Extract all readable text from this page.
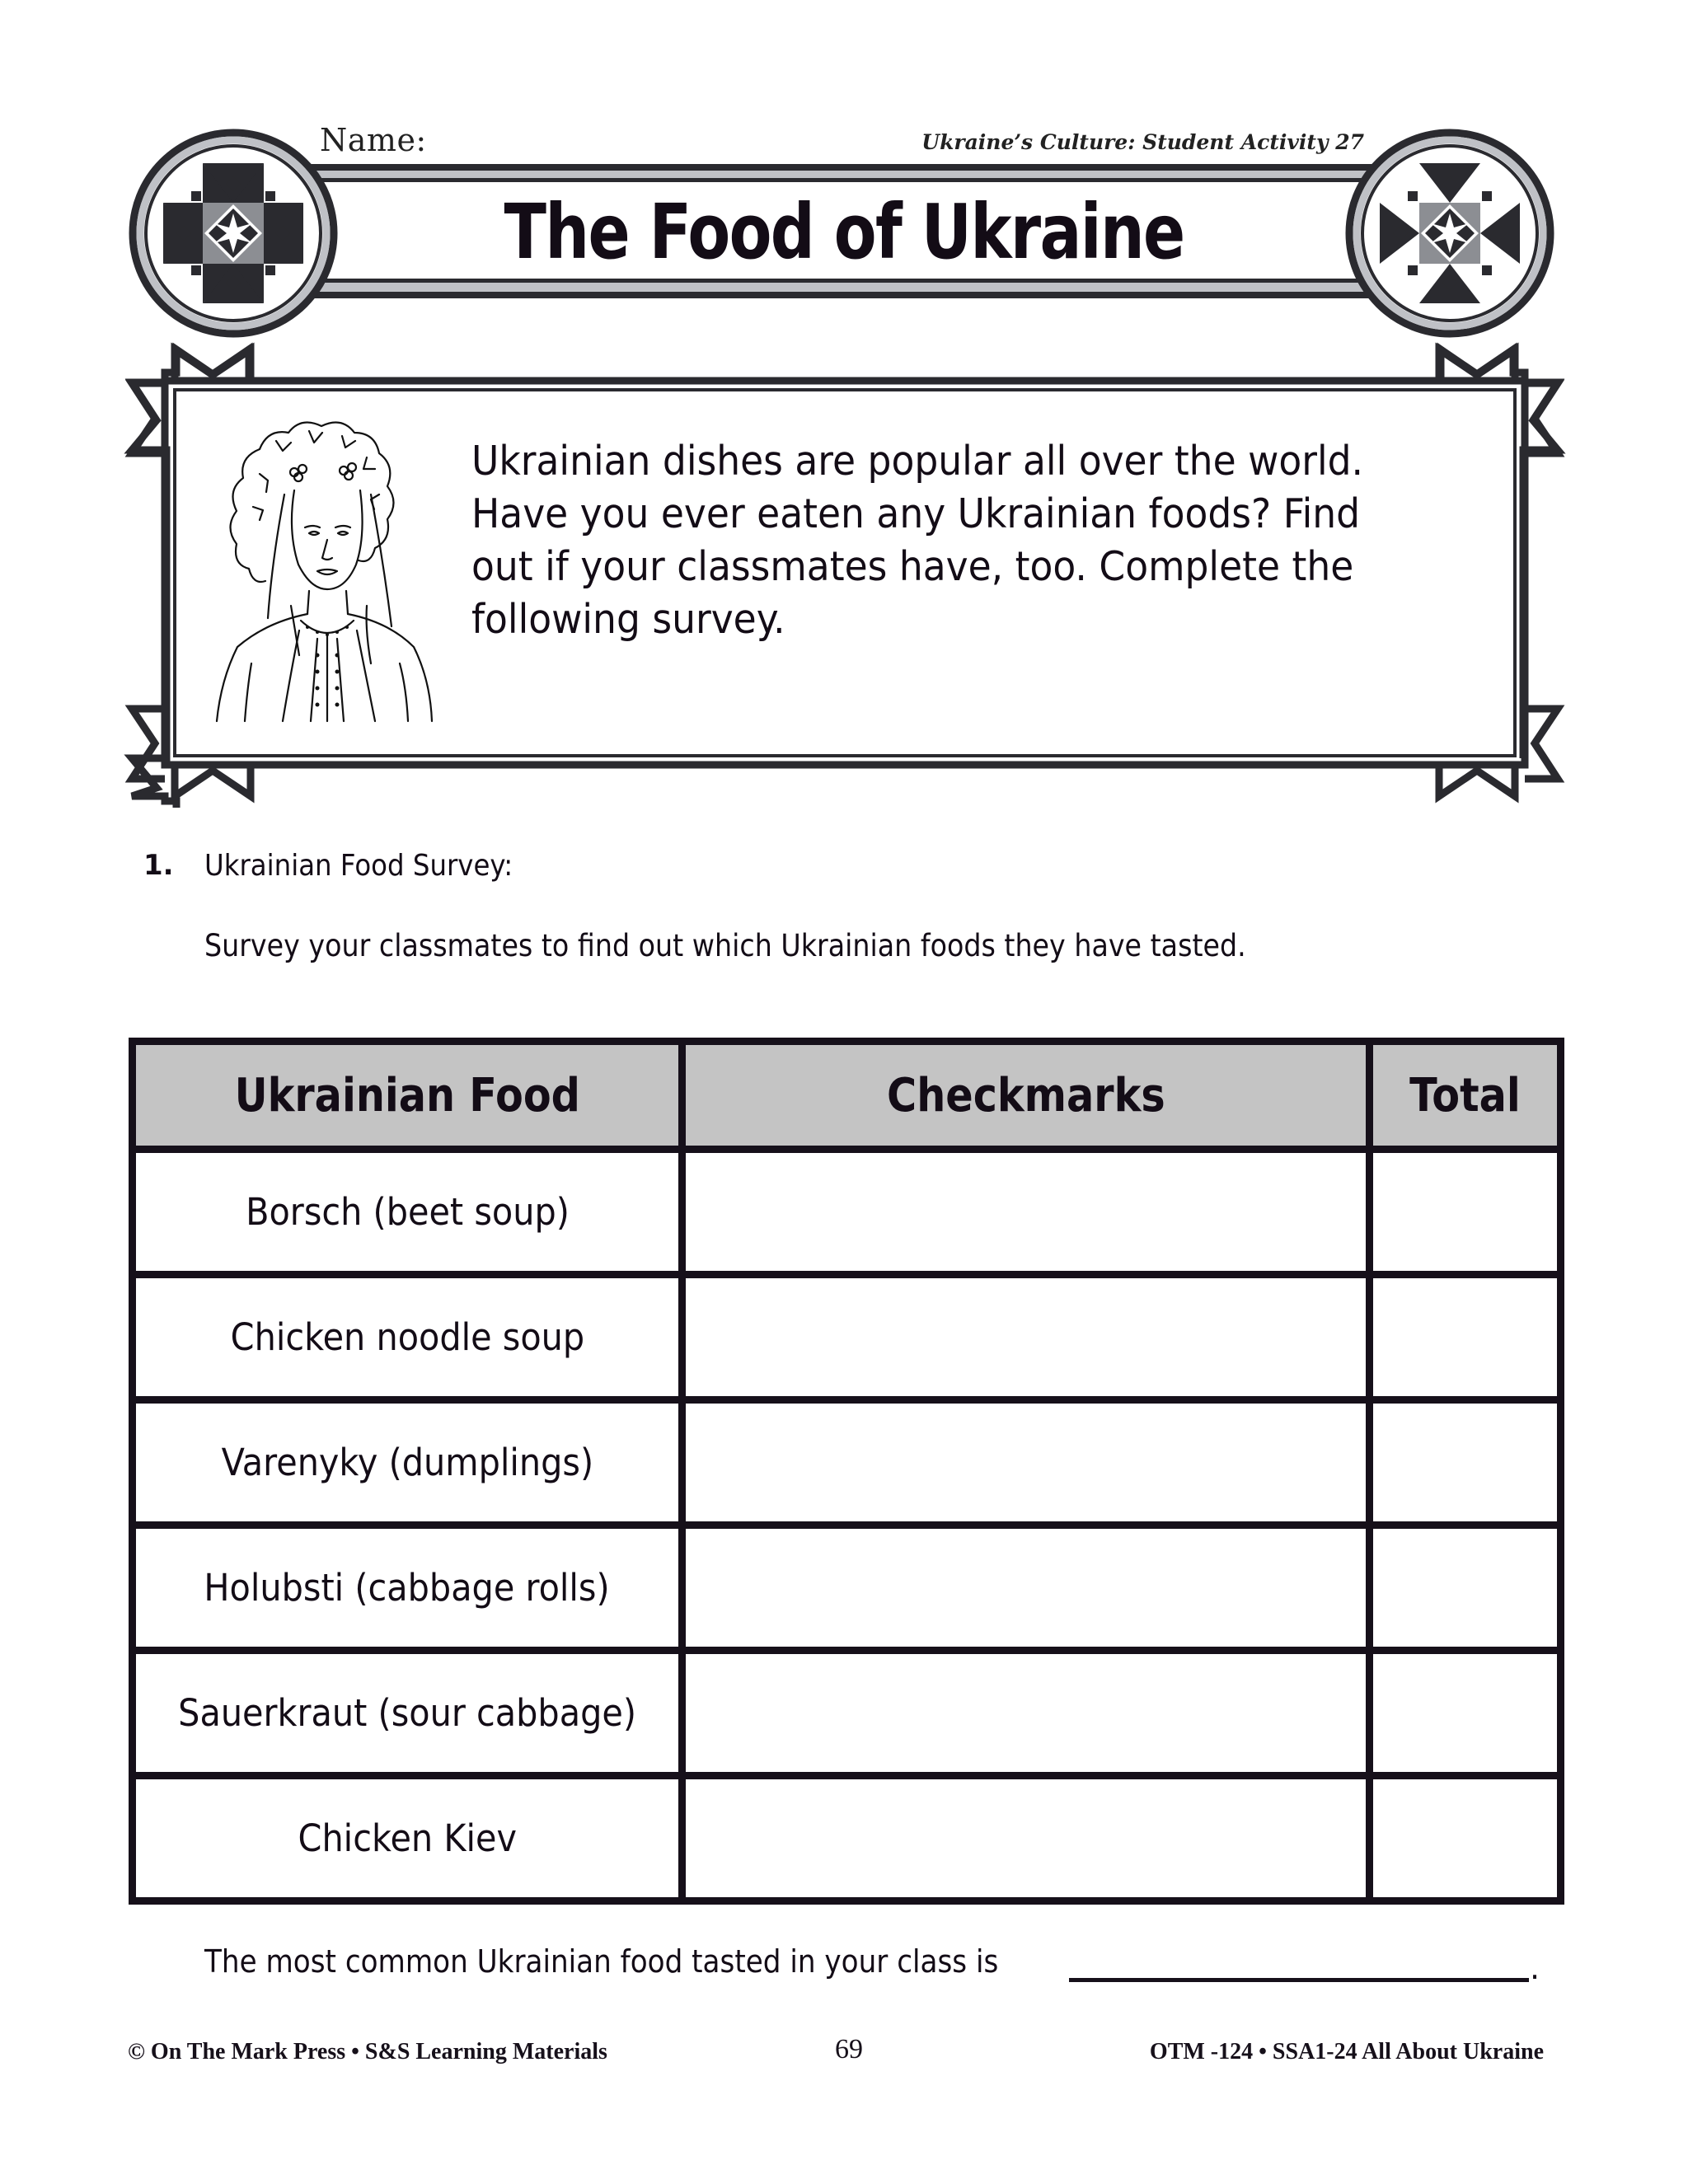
Name:	Ukraine’s Culture: Student Activity 27
The Food of Ukraine
Ukrainian dishes are popular all over the world.
Have you ever eaten any Ukrainian foods? Find
out if your classmates have, too. Complete the
following survey.
1. Ukrainian Food Survey:
Survey your classmates to find out which Ukrainian foods they have tasted.
Ukrainian Food	Checkmarks	Total
Borsch (beet soup)		
Chicken noodle soup		
Varenyky (dumplings)		
Holubsti (cabbage rolls)		
Sauerkraut (sour cabbage)		
Chicken Kiev		
The most common Ukrainian food tasted in your class is	.
© On The Mark Press • S&S Learning Materials	69	OTM -124 • SSA1-24 All About Ukraine
